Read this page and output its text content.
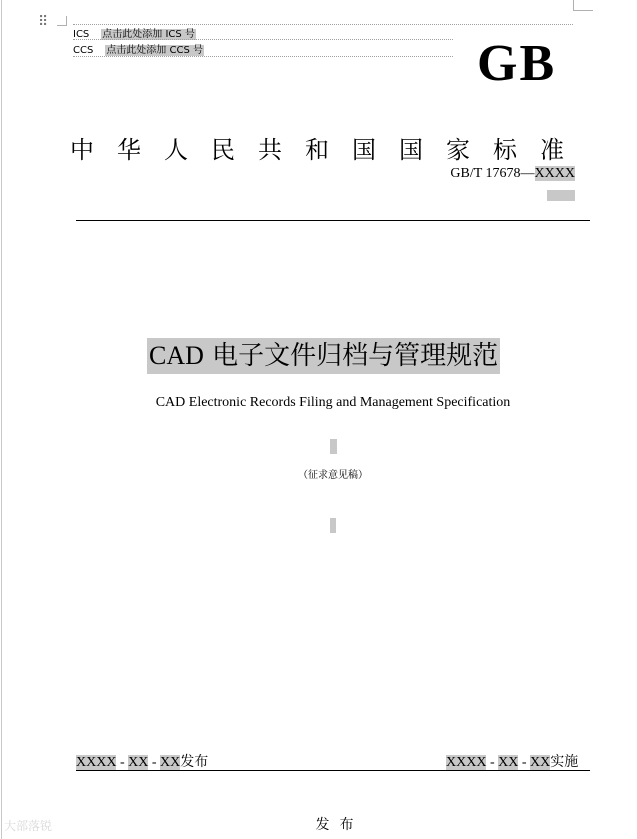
⠿
ICS 点击此处添加 ICS 号
CCS 点击此处添加 CCS 号	GB
中华人民共和国国家标准
GB/T 17678—XXXX
CAD 电子文件归档与管理规范
CAD Electronic Records Filing and Management Specification
（征求意见稿）
XXXX - XX - XX发布	XXXX - XX - XX实施
发布
大部落锐
